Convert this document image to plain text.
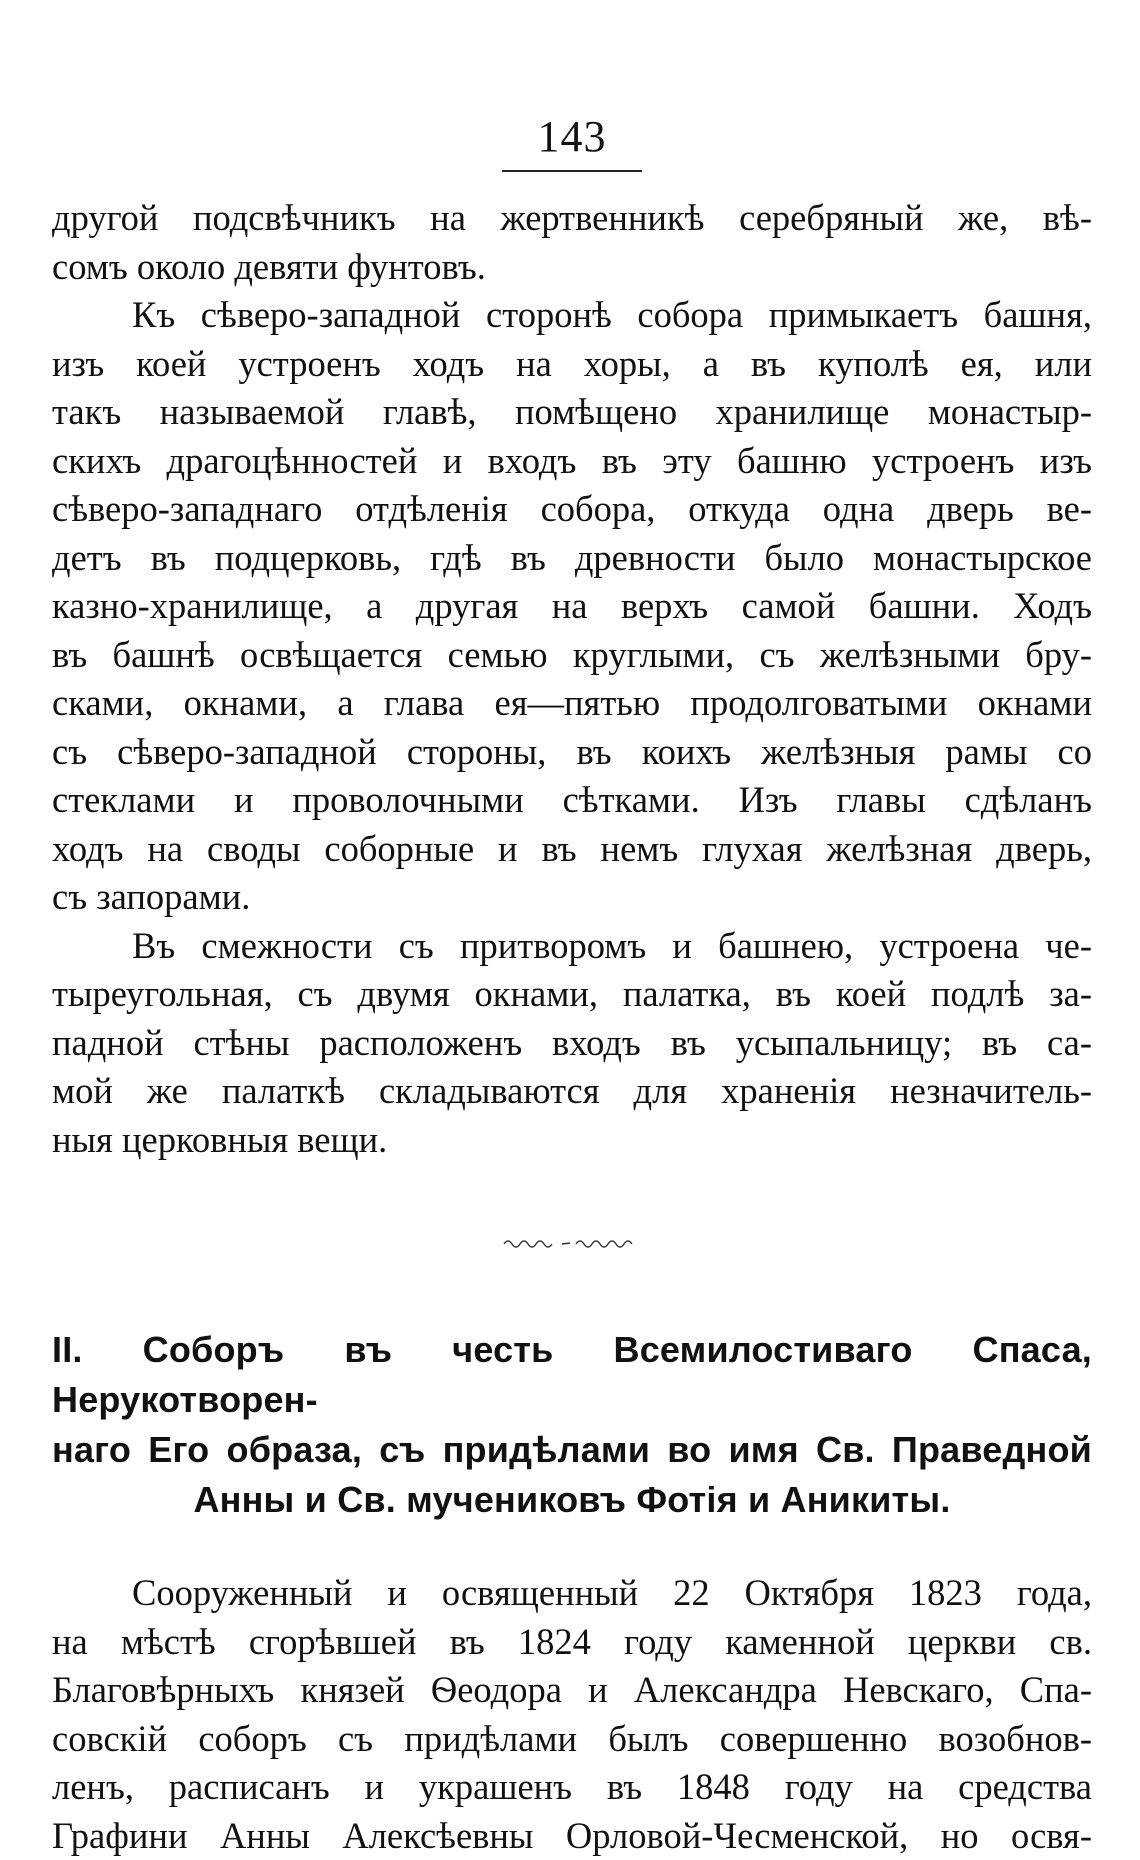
143

другой подсвѣчникъ на жертвенникѣ серебряный же, вѣ-
сомъ около девяти фунтовъ.

Къ сѣверо-западной сторонѣ собора примыкаетъ башня,
изъ коей устроенъ ходъ на хоры, а въ куполѣ ея, или
такъ называемой главѣ, помѣщено хранилище монастыр-
скихъ драгоцѣнностей и входъ въ эту башню устроенъ изъ
сѣверо-западнаго отдѣленія собора, откуда одна дверь ве-
детъ въ подцерковь, гдѣ въ древности было монастырское
казно-хранилище, а другая на верхъ самой башни. Ходъ
въ башнѣ освѣщается семью круглыми, съ желѣзными бру-
сками, окнами, а глава ея—пятью продолговатыми окнами
съ сѣверо-западной стороны, въ коихъ желѣзныя рамы со
стеклами и проволочными сѣтками. Изъ главы сдѣланъ
ходъ на своды соборные и въ немъ глухая желѣзная дверь,
съ запорами.

Въ смежности съ притворомъ и башнею, устроена че-
тыреугольная, съ двумя окнами, палатка, въ коей подлѣ за-
падной стѣны расположенъ входъ въ усыпальницу; въ са-
мой же палаткѣ складываются для храненія незначитель-
ныя церковныя вещи.

II. Соборъ въ честь Всемилостиваго Спаса, Нерукотворен-
наго Его образа, съ придѣлами во имя Св. Праведной
Анны и Св. мучениковъ Фотія и Аникиты.

Сооруженный и освященный 22 Октября 1823 года,
на мѣстѣ сгорѣвшей въ 1824 году каменной церкви св.
Благовѣрныхъ князей Ѳеодора и Александра Невскаго, Спа-
совскій соборъ съ придѣлами былъ совершенно возобнов-
ленъ, расписанъ и украшенъ въ 1848 году на средства
Графини Анны Алексѣевны Орловой-Чесменской, но освя-
